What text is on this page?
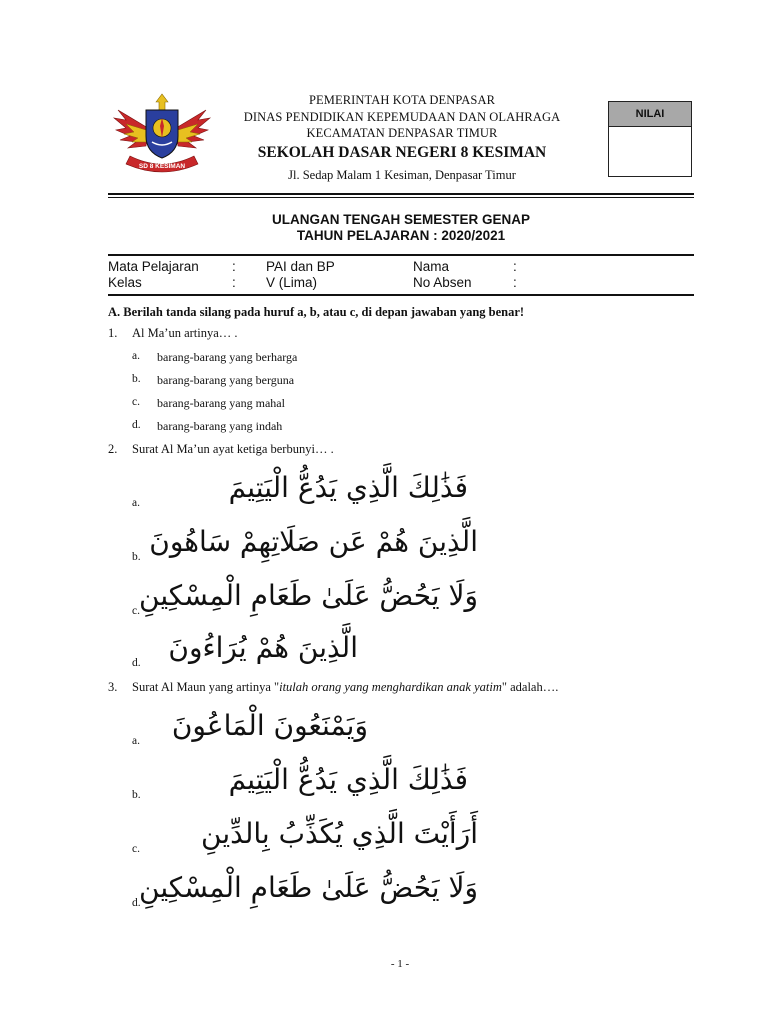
SD 8 KESIMAN
PEMERINTAH KOTA DENPASAR
DINAS PENDIDIKAN KEPEMUDAAN DAN OLAHRAGA
KECAMATAN DENPASAR TIMUR
SEKOLAH DASAR NEGERI 8 KESIMAN
Jl. Sedap Malam 1 Kesiman, Denpasar Timur
NILAI
ULANGAN TENGAH SEMESTER GENAP
TAHUN PELAJARAN : 2020/2021
Mata Pelajaran : PAI dan BP	Nama	:
Kelas	: V (Lima)	No Absen	:
A. Berilah tanda silang pada huruf a, b, atau c, di depan jawaban yang benar!
1. Al Ma’un artinya… .
a. barang-barang yang berharga
b. barang-barang yang berguna
c. barang-barang yang mahal
d. barang-barang yang indah
2. Surat Al Ma’un ayat ketiga berbunyi… .
a.	فَذَٰلِكَ الَّذِي يَدُعُّ الْيَتِيمَ
b. الَّذِينَ هُمْ عَن صَلَاتِهِمْ سَاهُونَ
c. وَلَا يَحُضُّ عَلَىٰ طَعَامِ الْمِسْكِينِ
d. الَّذِينَ هُمْ يُرَاءُونَ
3. Surat Al Maun yang artinya "itulah orang yang menghardikan anak yatim" adalah….
a.	وَيَمْنَعُونَ الْمَاعُونَ
b.	فَذَٰلِكَ الَّذِي يَدُعُّ الْيَتِيمَ
c.	أَرَأَيْتَ الَّذِي يُكَذِّبُ بِالدِّينِ
d.
وَلَا يَحُضُّ عَلَىٰ طَعَامِ الْمِسْكِينِ
- 1 -
